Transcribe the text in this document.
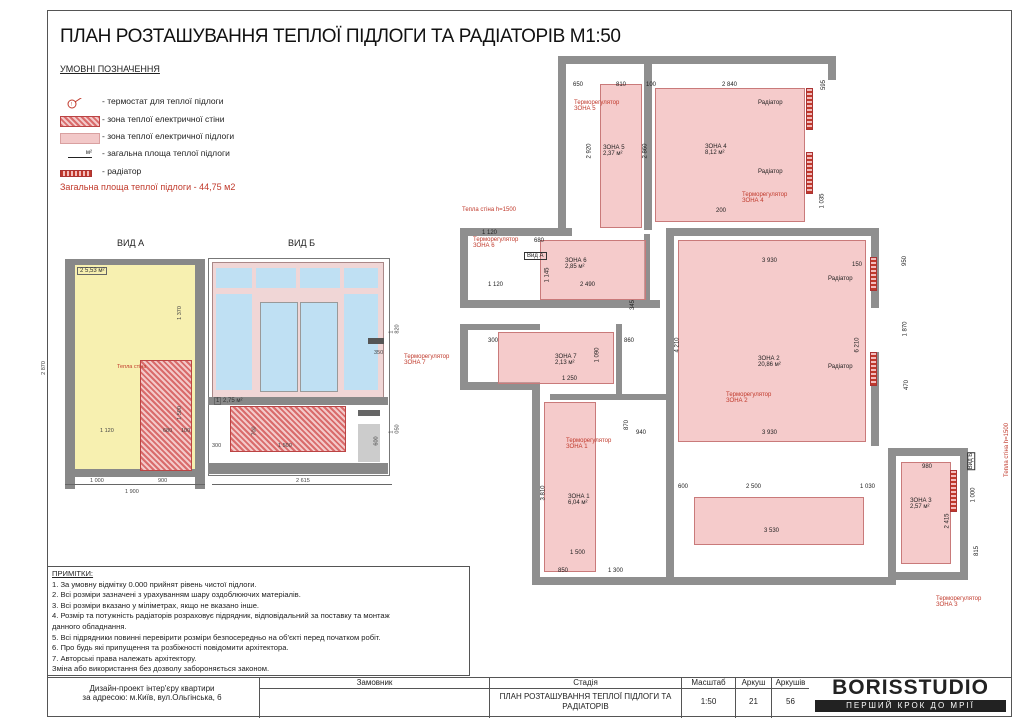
ПЛАН РОЗТАШУВАННЯ ТЕПЛОЇ ПІДЛОГИ ТА РАДІАТОРІВ М1:50
УМОВНІ ПОЗНАЧЕННЯ
!	- термостат для теплої підлоги
- зона теплої електричної стіни
- зона теплої електричної підлоги
м² - загальна площа теплої підлоги
- радіатор
Загальна площа теплої підлоги - 44,75 м2
ВИД А
2 5,53 м²
Тепла стіна
1 370
1 500
2 870
1 120	680 100
1 000	900
1 900
ВИД Б
1 2,75 м²
1 820
1 050
350
700
1 500
300
600
2 615
ЗОНА 5
2,37 м²
ЗОНА 4
8,12 м²
ЗОНА 6
2,85 м²
ЗОНА 7
2,13 м²
ЗОНА 2
20,86 м²
ЗОНА 1
6,04 м²	ЗОНА 3
2,57 м²
Терморегулятор
ЗОНА 5
Терморегулятор
ЗОНА 4
Терморегулятор
ЗОНА 6
Терморегулятор
ЗОНА 7
Терморегулятор
ЗОНА 2
Терморегулятор
ЗОНА 1
Терморегулятор
ЗОНА 3
Радіатор
Радіатор
Радіатор
Радіатор
Тепла стіна h=1500
Тепла стіна h=1500
Вид А
Вид Б
650	810	2 840
100	595
2 920	2 860
200
1 035
1 120
680
1 145
2 490
1 120
345
3 930
150	950
300
1 090
860
1 250
4 210	6 210
1 870
470
870
940	3 930
3 810	2 500	1 030
980
3 530
600
1 500
1 300
850
2 415
815
1 000
ПРИМІТКИ:
1. За умовну відмітку 0.000 прийнят рівень чистої підлоги.
2. Всі розміри зазначені з урахуванням шару оздоблюючих матеріалів.
3. Всі розміри вказано у міліметрах, якщо не вказано інше.
4. Розмір та потужність радіаторів розраховує підрядник, відповідальний за поставку та монтаж
данного обладнання.
5. Всі підрядники повинні перевірити розміри безпосередньо на об'єкті перед початком робіт.
6. Про будь які припущення та розбіжності повідомити архітектора.
7. Авторські права належать архітектору.
Зміна або використання без дозволу забороняється законом.
Дизайн-проект інтер'єру квартири
за адресою: м.Київ, вул.Ольгінська, 6
Замовник	Стадія
ПЛАН РОЗТАШУВАННЯ ТЕПЛОЇ ПІДЛОГИ ТА РАДІАТОРІВ
Масштаб
1:50
Аркуш
21
Аркушів
56
BORISSTUDIO
ПЕРШИЙ КРОК ДО МРІЇ
